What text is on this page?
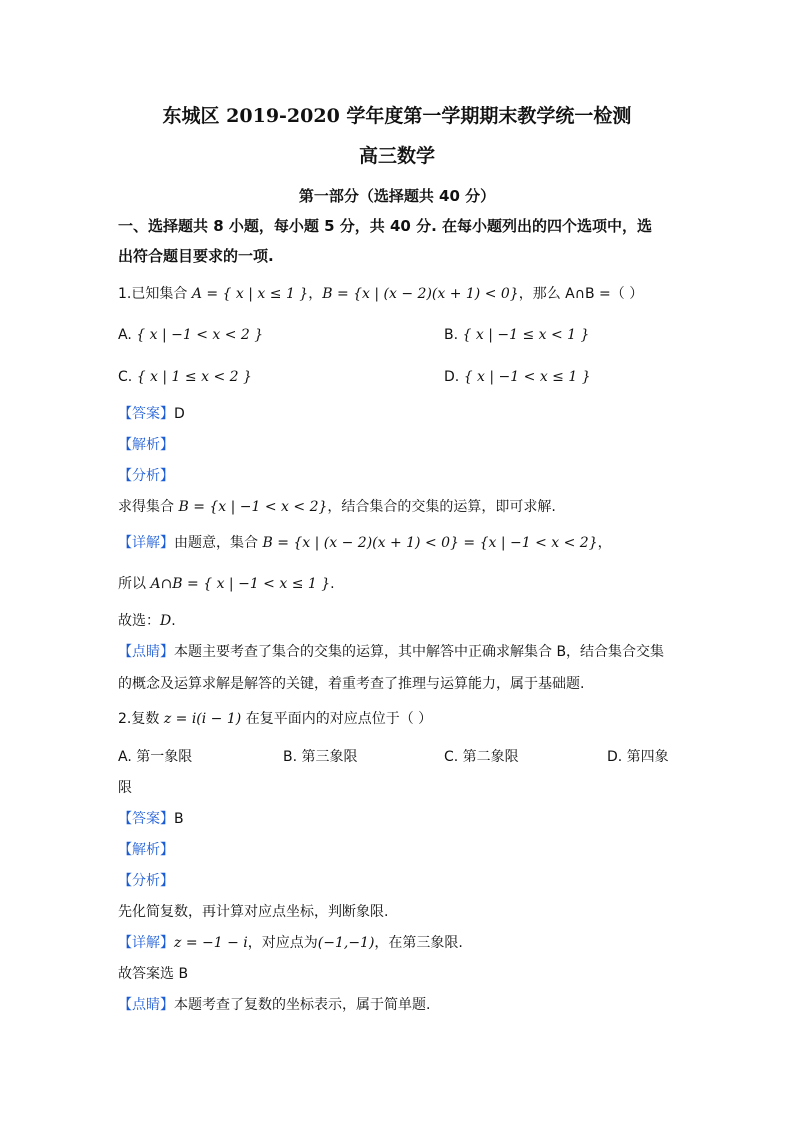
东城区 2019-2020 学年度第一学期期末教学统一检测
高三数学
第一部分（选择题共 40 分）
一、选择题共 8 小题，每小题 5 分，共 40 分. 在每小题列出的四个选项中，选
出符合题目要求的一项.
1.已知集合 A = { x | x ≤ 1 }，B = {x | (x − 2)(x + 1) < 0}，那么 A∩B =（ ）
A. { x | −1 < x < 2 }	B. { x | −1 ≤ x < 1 }
C. { x | 1 ≤ x < 2 }	D. { x | −1 < x ≤ 1 }
【答案】D
【解析】
【分析】
求得集合 B = {x | −1 < x < 2}，结合集合的交集的运算，即可求解.
【详解】由题意，集合 B = {x | (x − 2)(x + 1) < 0} = {x | −1 < x < 2}，
所以 A∩B = { x | −1 < x ≤ 1 }.
故选：D.
【点睛】本题主要考查了集合的交集的运算，其中解答中正确求解集合 B，结合集合交集
的概念及运算求解是解答的关键，着重考查了推理与运算能力，属于基础题.
2.复数 z = i(i − 1) 在复平面内的对应点位于（ ）
A. 第一象限	B. 第三象限	C. 第二象限	D. 第四象
限
【答案】B
【解析】
【分析】
先化简复数，再计算对应点坐标，判断象限.
【详解】z = −1 − i，对应点为(−1,−1)，在第三象限.
故答案选 B
【点睛】本题考查了复数的坐标表示，属于简单题.
